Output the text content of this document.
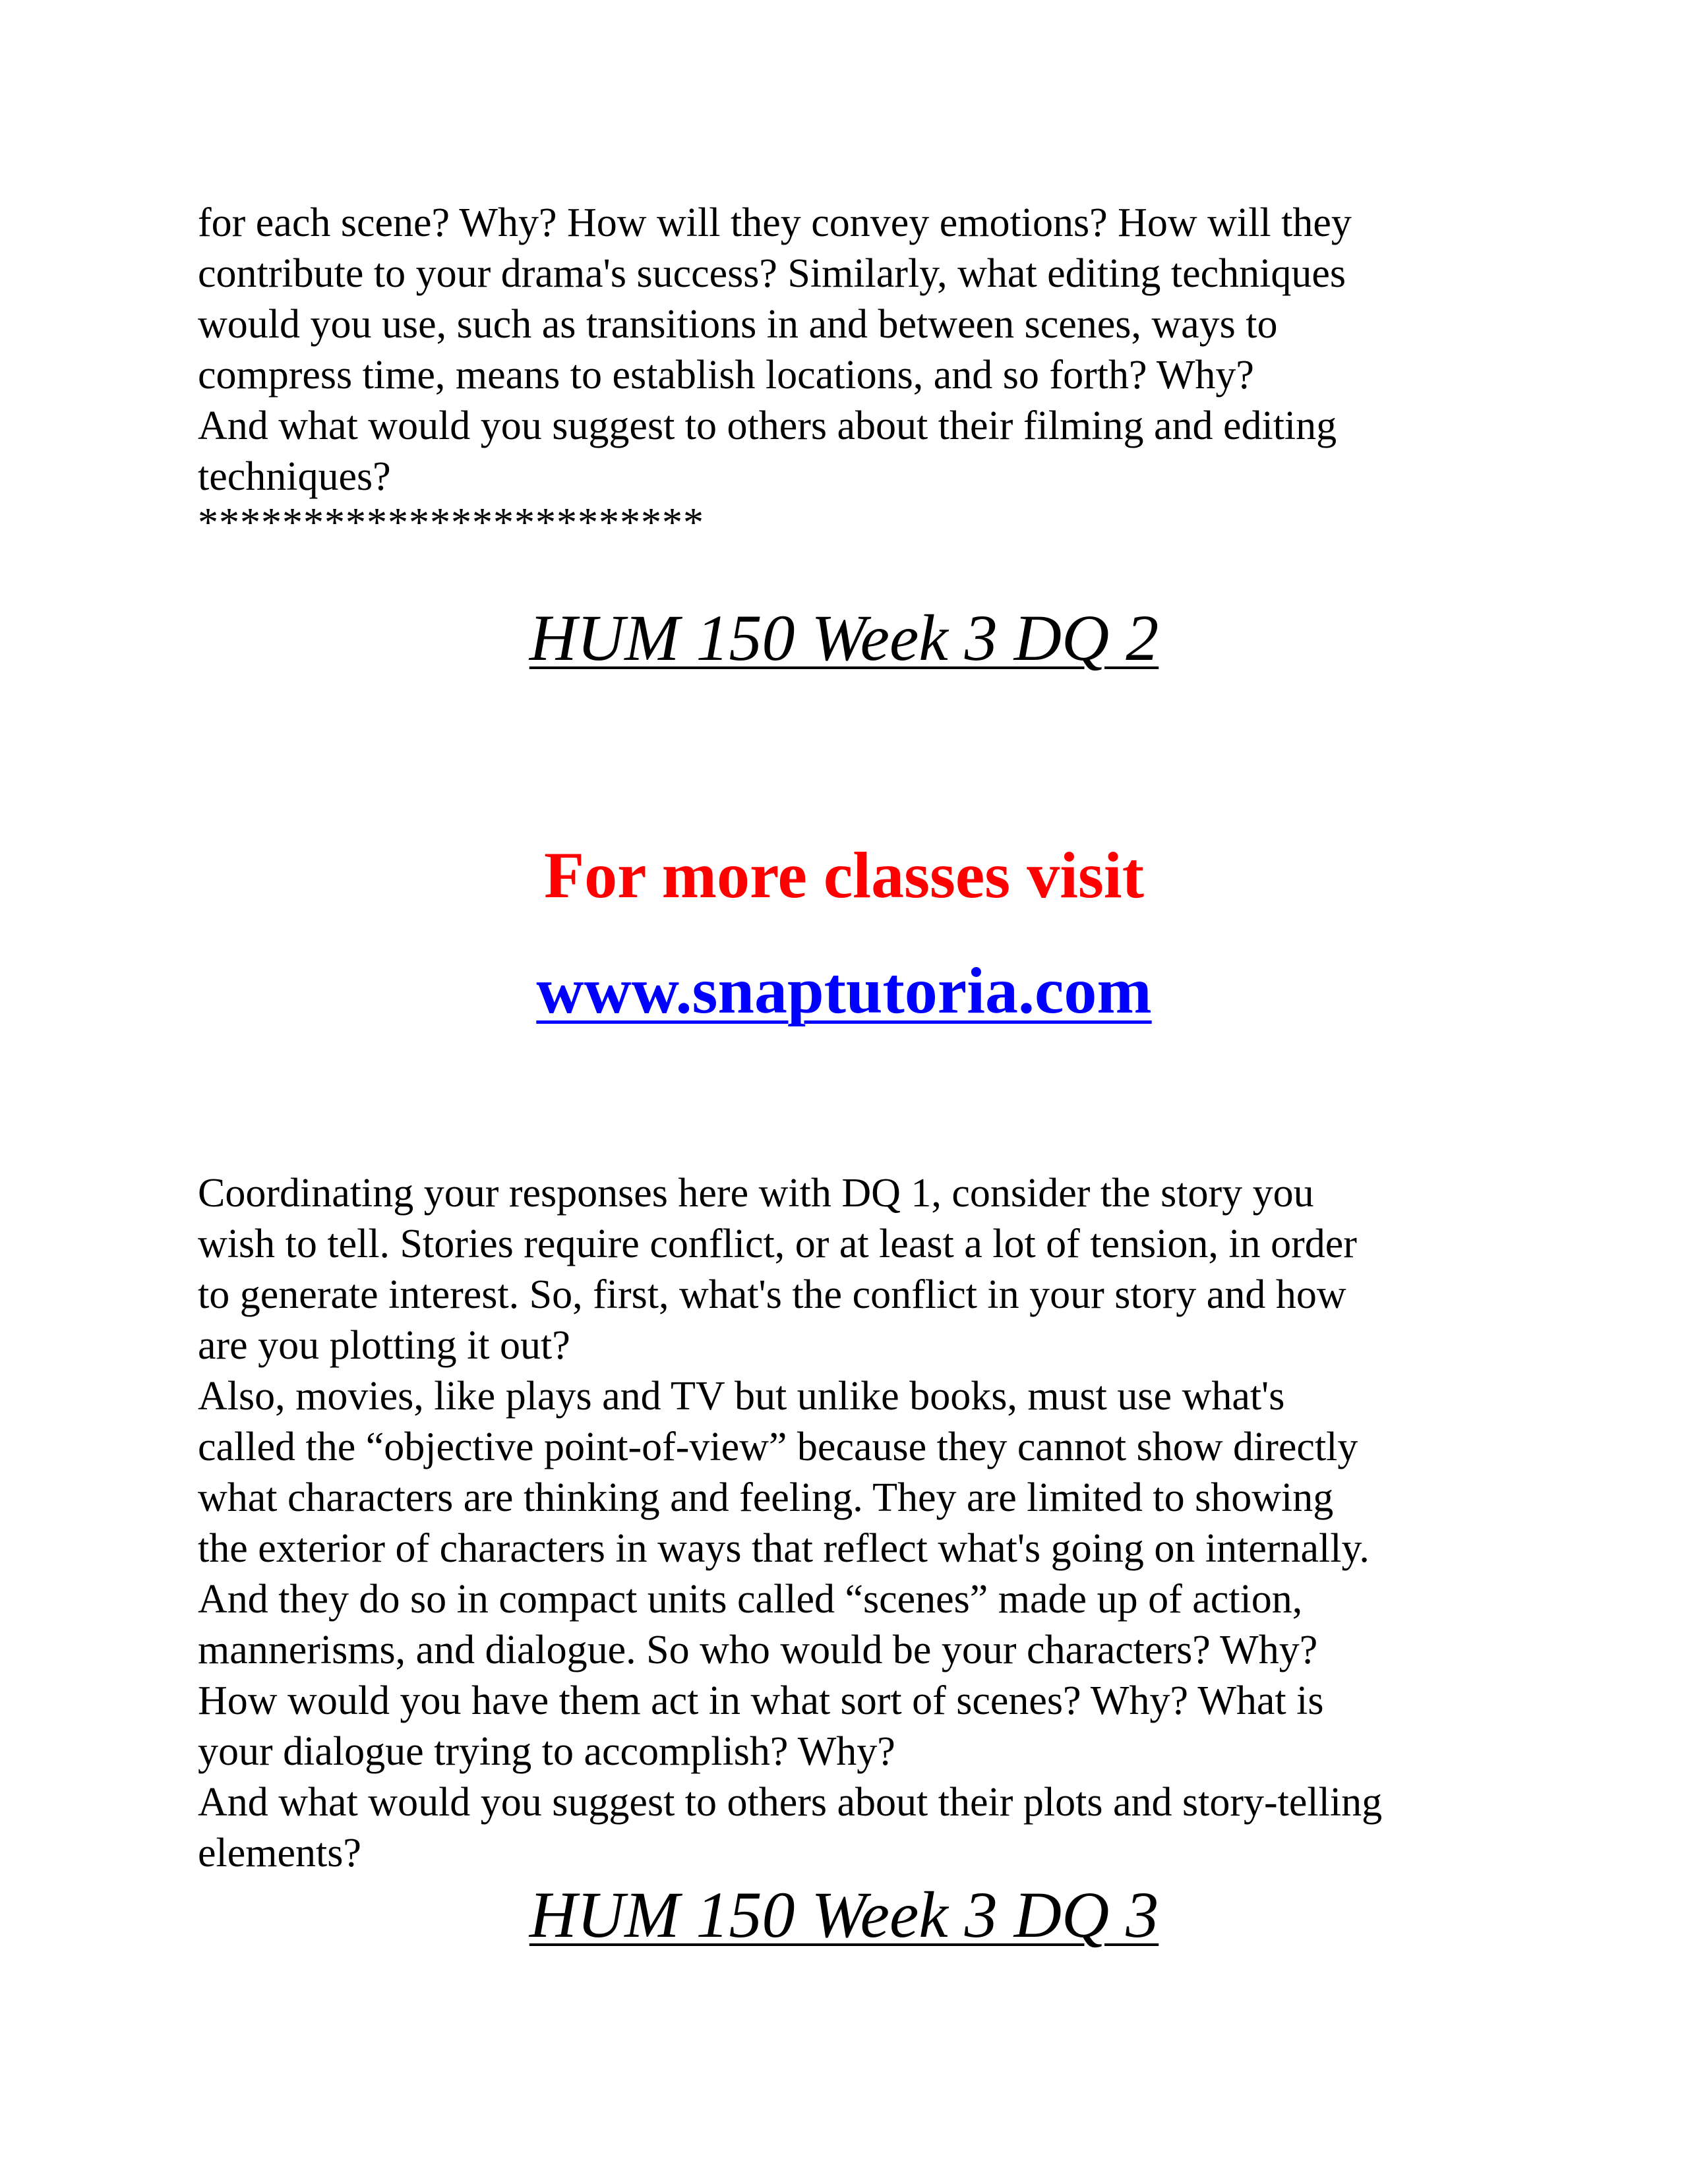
for each scene? Why? How will they convey emotions? How will they
contribute to your drama's success? Similarly, what editing techniques
would you use, such as transitions in and between scenes, ways to
compress time, means to establish locations, and so forth? Why?
And what would you suggest to others about their filming and editing
techniques?
************************
HUM 150 Week 3 DQ 2
For more classes visit
www.snaptutoria.com
Coordinating your responses here with DQ 1, consider the story you
wish to tell. Stories require conflict, or at least a lot of tension, in order
to generate interest. So, first, what's the conflict in your story and how
are you plotting it out?
Also, movies, like plays and TV but unlike books, must use what's
called the “objective point-of-view” because they cannot show directly
what characters are thinking and feeling. They are limited to showing
the exterior of characters in ways that reflect what's going on internally.
And they do so in compact units called “scenes” made up of action,
mannerisms, and dialogue. So who would be your characters? Why?
How would you have them act in what sort of scenes? Why? What is
your dialogue trying to accomplish? Why?
And what would you suggest to others about their plots and story-telling
elements?
HUM 150 Week 3 DQ 3
